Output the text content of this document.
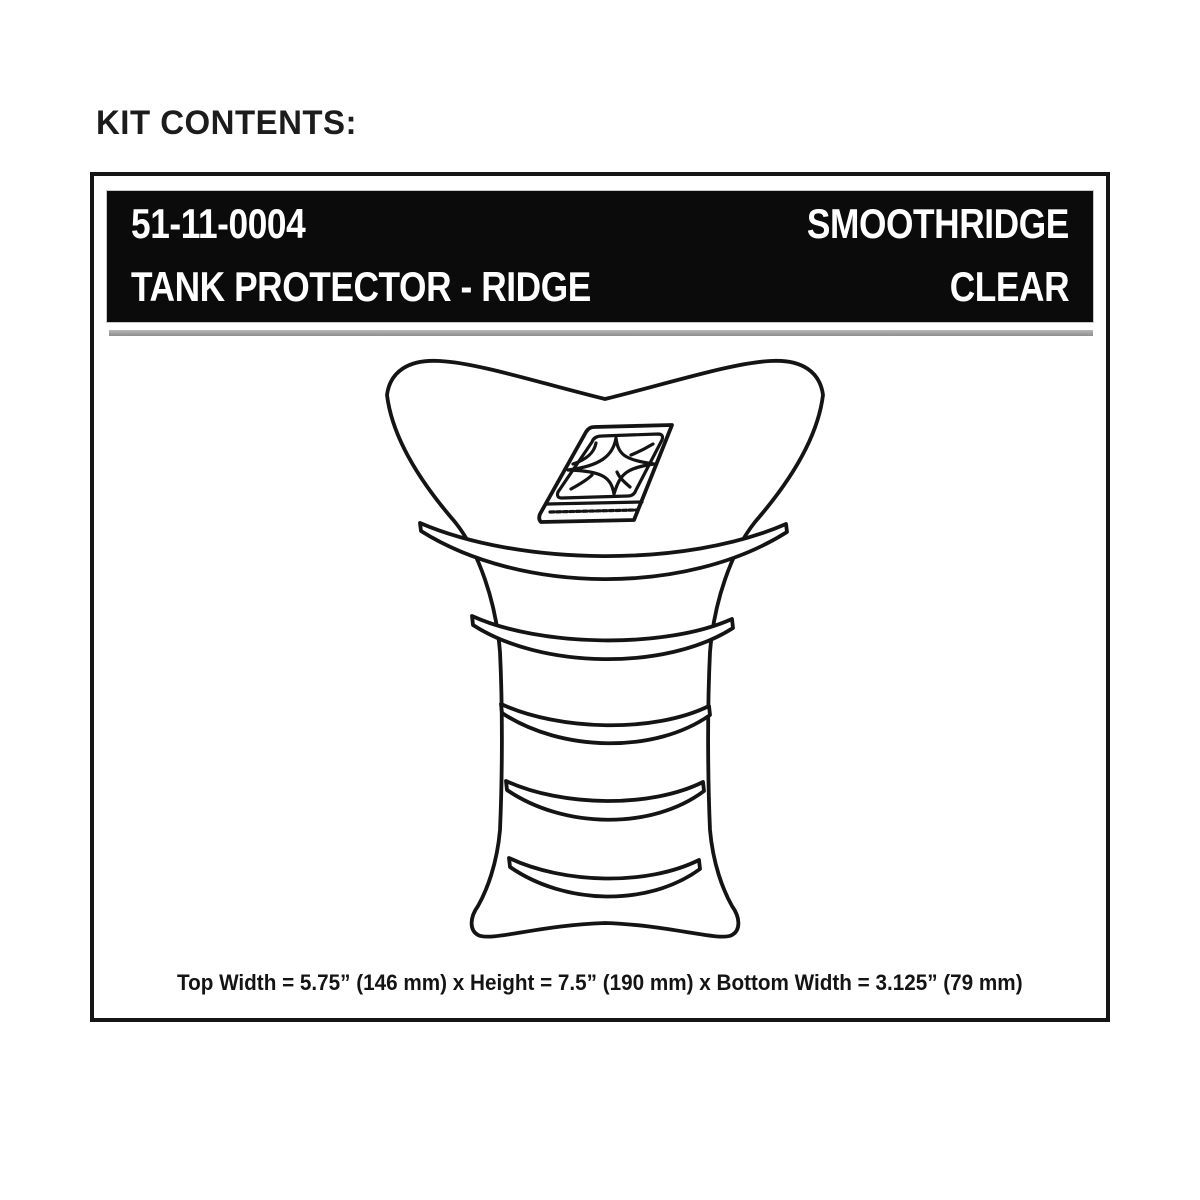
KIT CONTENTS:
51-11-0004	SMOOTHRIDGE
TANK PROTECTOR - RIDGE	CLEAR
Top Width = 5.75” (146 mm) x Height = 7.5” (190 mm) x Bottom Width = 3.125” (79 mm)
